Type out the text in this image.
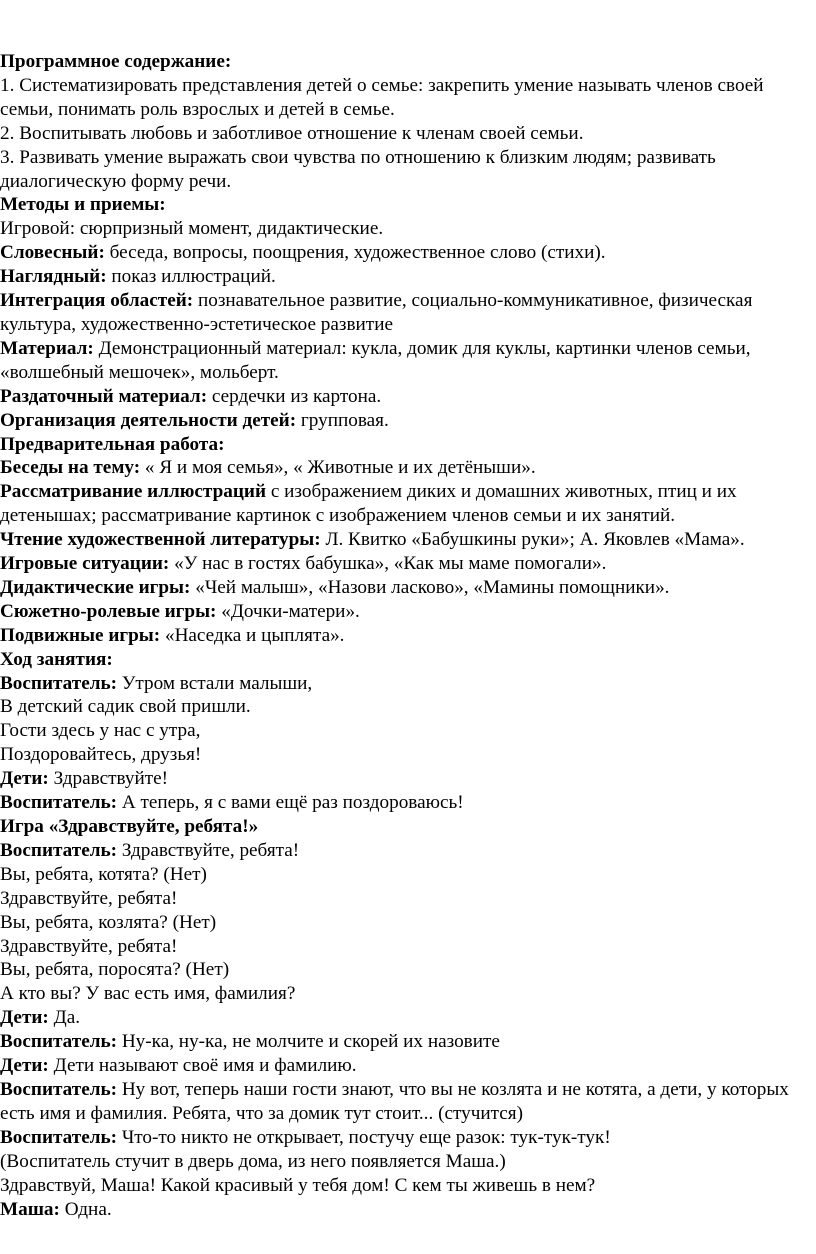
Программное содержание:

1. Систематизировать представления детей о семье: закрепить умение называть членов своей семьи, понимать роль взрослых и детей в семье.

2. Воспитывать любовь и заботливое отношение к членам своей семьи.

3. Развивать умение выражать свои чувства по отношению к близким людям; развивать диалогическую форму речи.

Методы и приемы:

Игровой: сюрпризный момент, дидактические.

Словесный: беседа, вопросы, поощрения, художественное слово (стихи).

Наглядный: показ иллюстраций.

Интеграция областей: познавательное развитие, социально-коммуникативное, физическая культура, художественно-эстетическое развитие

Материал: Демонстрационный материал: кукла, домик для куклы, картинки членов семьи, «волшебный мешочек», мольберт.

Раздаточный материал: сердечки из картона.

Организация деятельности детей: групповая.

Предварительная работа:

Беседы на тему: « Я и моя семья», « Животные и их детёныши».

Рассматривание иллюстраций с изображением диких и домашних животных, птиц и их детенышах; рассматривание картинок с изображением членов семьи и их занятий.

Чтение художественной литературы: Л. Квитко «Бабушкины руки»; А. Яковлев «Мама».

Игровые ситуации: «У нас в гостях бабушка», «Как мы маме помогали».

Дидактические игры: «Чей малыш», «Назови ласково», «Мамины помощники».

Сюжетно-ролевые игры: «Дочки-матери».

Подвижные игры: «Наседка и цыплята».

Ход занятия:

Воспитатель: Утром встали малыши,

В детский садик свой пришли.

Гости здесь у нас с утра,

Поздоровайтесь, друзья!

Дети: Здравствуйте!

Воспитатель: А теперь, я с вами ещё раз поздороваюсь!

Игра «Здравствуйте, ребята!»

Воспитатель: Здравствуйте, ребята!

Вы, ребята, котята? (Нет)

Здравствуйте, ребята!

Вы, ребята, козлята? (Нет)

Здравствуйте, ребята!

Вы, ребята, поросята? (Нет)

А кто вы? У вас есть имя, фамилия?

Дети: Да.

Воспитатель: Ну-ка, ну-ка, не молчите и скорей их назовите

Дети: Дети называют своё имя и фамилию.

Воспитатель: Ну вот, теперь наши гости знают, что вы не козлята и не котята, а дети, у которых есть имя и фамилия. Ребята, что за домик тут стоит... (стучится)

Воспитатель: Что-то никто не открывает, постучу еще разок: тук-тук-тук!

(Воспитатель стучит в дверь дома, из него появляется Маша.)

Здравствуй, Маша! Какой красивый у тебя дом! С кем ты живешь в нем?

Маша: Одна.
